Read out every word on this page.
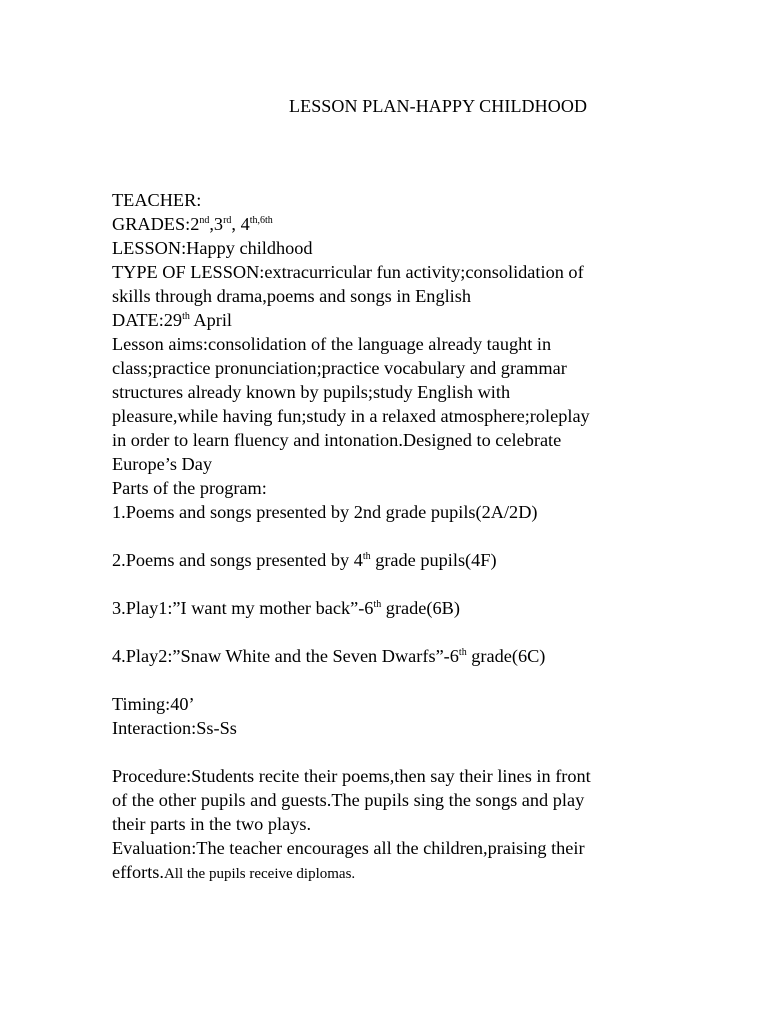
LESSON PLAN-HAPPY CHILDHOOD
TEACHER:
GRADES:2nd,3rd, $4^{th,6th}$
LESSON:Happy childhood
TYPE OF LESSON:extracurricular fun activity;consolidation of
skills through drama,poems and songs in English
DATE:29th April
Lesson aims:consolidation of the language already taught in
class;practice pronunciation;practice vocabulary and grammar
structures already known by pupils;study English with
pleasure,while having fun;study in a relaxed atmosphere;roleplay
in order to learn fluency and intonation.Designed to celebrate
Europe’s Day
Parts of the program:
1.Poems and songs presented by 2nd grade pupils(2A/2D)
2.Poems and songs presented by 4th grade pupils(4F)
3.Play1:”I want my mother back”-6th grade(6B)
4.Play2:”Snaw White and the Seven Dwarfs”-6th grade(6C)
Timing:40’
Interaction:Ss-Ss
Procedure:Students recite their poems,then say their lines in front
of the other pupils and guests.The pupils sing the songs and play
their parts in the two plays.
Evaluation:The teacher encourages all the children,praising their
efforts.All the pupils receive diplomas.
